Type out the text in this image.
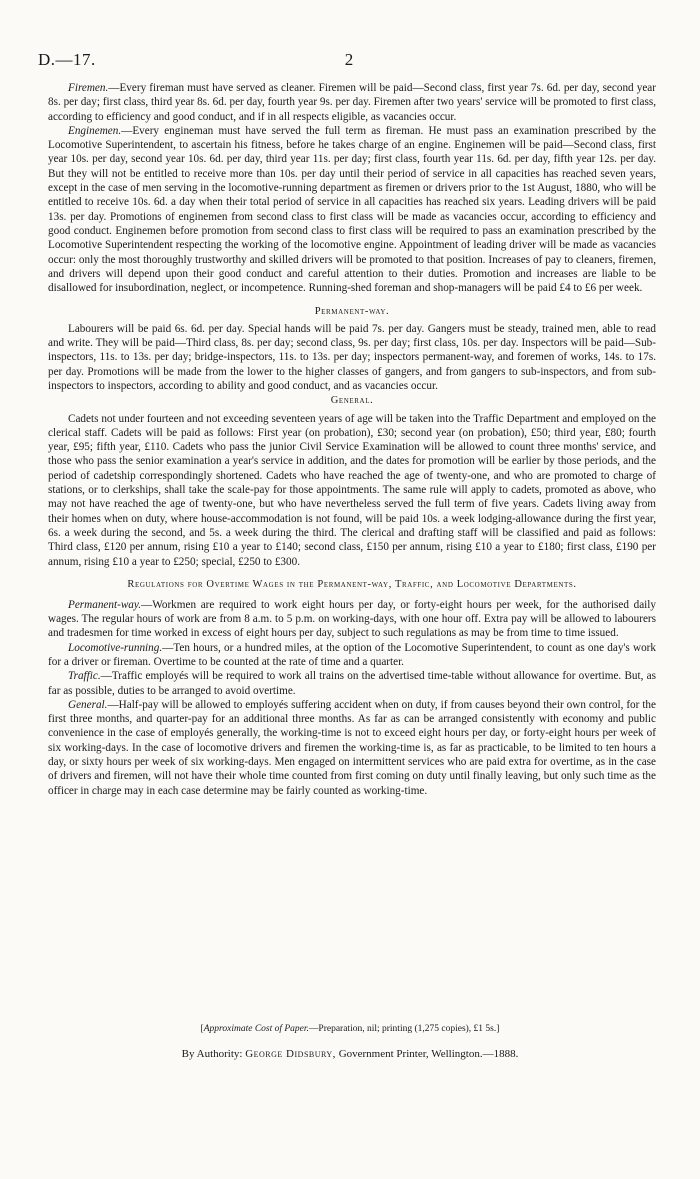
D.—17.	2

Firemen.—Every fireman must have served as cleaner. Firemen will be paid—Second class, first year 7s. 6d. per day, second year 8s. per day; first class, third year 8s. 6d. per day, fourth year 9s. per day. Firemen after two years' service will be promoted to first class, according to efficiency and good conduct, and if in all respects eligible, as vacancies occur.

Enginemen.—Every engineman must have served the full term as fireman. He must pass an examination prescribed by the Locomotive Superintendent, to ascertain his fitness, before he takes charge of an engine. Enginemen will be paid—Second class, first year 10s. per day, second year 10s. 6d. per day, third year 11s. per day; first class, fourth year 11s. 6d. per day, fifth year 12s. per day. But they will not be entitled to receive more than 10s. per day until their period of service in all capacities has reached seven years, except in the case of men serving in the locomotive-running department as firemen or drivers prior to the 1st August, 1880, who will be entitled to receive 10s. 6d. a day when their total period of service in all capacities has reached six years. Leading drivers will be paid 13s. per day. Promotions of enginemen from second class to first class will be made as vacancies occur, according to efficiency and good conduct. Enginemen before promotion from second class to first class will be required to pass an examination prescribed by the Locomotive Superintendent respecting the working of the locomotive engine. Appointment of leading driver will be made as vacancies occur: only the most thoroughly trustworthy and skilled drivers will be promoted to that position. Increases of pay to cleaners, firemen, and drivers will depend upon their good conduct and careful attention to their duties. Promotion and increases are liable to be disallowed for insubordination, neglect, or incompetence. Running-shed foreman and shop-managers will be paid £4 to £6 per week.

Permanent-way.

Labourers will be paid 6s. 6d. per day. Special hands will be paid 7s. per day. Gangers must be steady, trained men, able to read and write. They will be paid—Third class, 8s. per day; second class, 9s. per day; first class, 10s. per day. Inspectors will be paid—Sub-inspectors, 11s. to 13s. per day; bridge-inspectors, 11s. to 13s. per day; inspectors permanent-way, and foremen of works, 14s. to 17s. per day. Promotions will be made from the lower to the higher classes of gangers, and from gangers to sub-inspectors, and from sub-inspectors to inspectors, according to ability and good conduct, and as vacancies occur.

General.

Cadets not under fourteen and not exceeding seventeen years of age will be taken into the Traffic Department and employed on the clerical staff. Cadets will be paid as follows: First year (on probation), £30; second year (on probation), £50; third year, £80; fourth year, £95; fifth year, £110. Cadets who pass the junior Civil Service Examination will be allowed to count three months' service, and those who pass the senior examination a year's service in addition, and the dates for promotion will be earlier by those periods, and the period of cadetship correspondingly shortened. Cadets who have reached the age of twenty-one, and who are promoted to charge of stations, or to clerkships, shall take the scale-pay for those appointments. The same rule will apply to cadets, promoted as above, who may not have reached the age of twenty-one, but who have nevertheless served the full term of five years. Cadets living away from their homes when on duty, where house-accommodation is not found, will be paid 10s. a week lodging-allowance during the first year, 6s. a week during the second, and 5s. a week during the third. The clerical and drafting staff will be classified and paid as follows: Third class, £120 per annum, rising £10 a year to £140; second class, £150 per annum, rising £10 a year to £180; first class, £190 per annum, rising £10 a year to £250; special, £250 to £300.

Regulations for Overtime Wages in the Permanent-way, Traffic, and Locomotive Departments.

Permanent-way.—Workmen are required to work eight hours per day, or forty-eight hours per week, for the authorised daily wages. The regular hours of work are from 8 a.m. to 5 p.m. on working-days, with one hour off. Extra pay will be allowed to labourers and tradesmen for time worked in excess of eight hours per day, subject to such regulations as may be from time to time issued.

Locomotive-running.—Ten hours, or a hundred miles, at the option of the Locomotive Superintendent, to count as one day's work for a driver or fireman. Overtime to be counted at the rate of time and a quarter.

Traffic.—Traffic employés will be required to work all trains on the advertised time-table without allowance for overtime. But, as far as possible, duties to be arranged to avoid overtime.

General.—Half-pay will be allowed to employés suffering accident when on duty, if from causes beyond their own control, for the first three months, and quarter-pay for an additional three months. As far as can be arranged consistently with economy and public convenience in the case of employés generally, the working-time is not to exceed eight hours per day, or forty-eight hours per week of six working-days. In the case of locomotive drivers and firemen the working-time is, as far as practicable, to be limited to ten hours a day, or sixty hours per week of six working-days. Men engaged on intermittent services who are paid extra for overtime, as in the case of drivers and firemen, will not have their whole time counted from first coming on duty until finally leaving, but only such time as the officer in charge may in each case determine may be fairly counted as working-time.

[Approximate Cost of Paper.—Preparation, nil; printing (1,275 copies), £1 5s.]
By Authority: George Didsbury, Government Printer, Wellington.—1888.
